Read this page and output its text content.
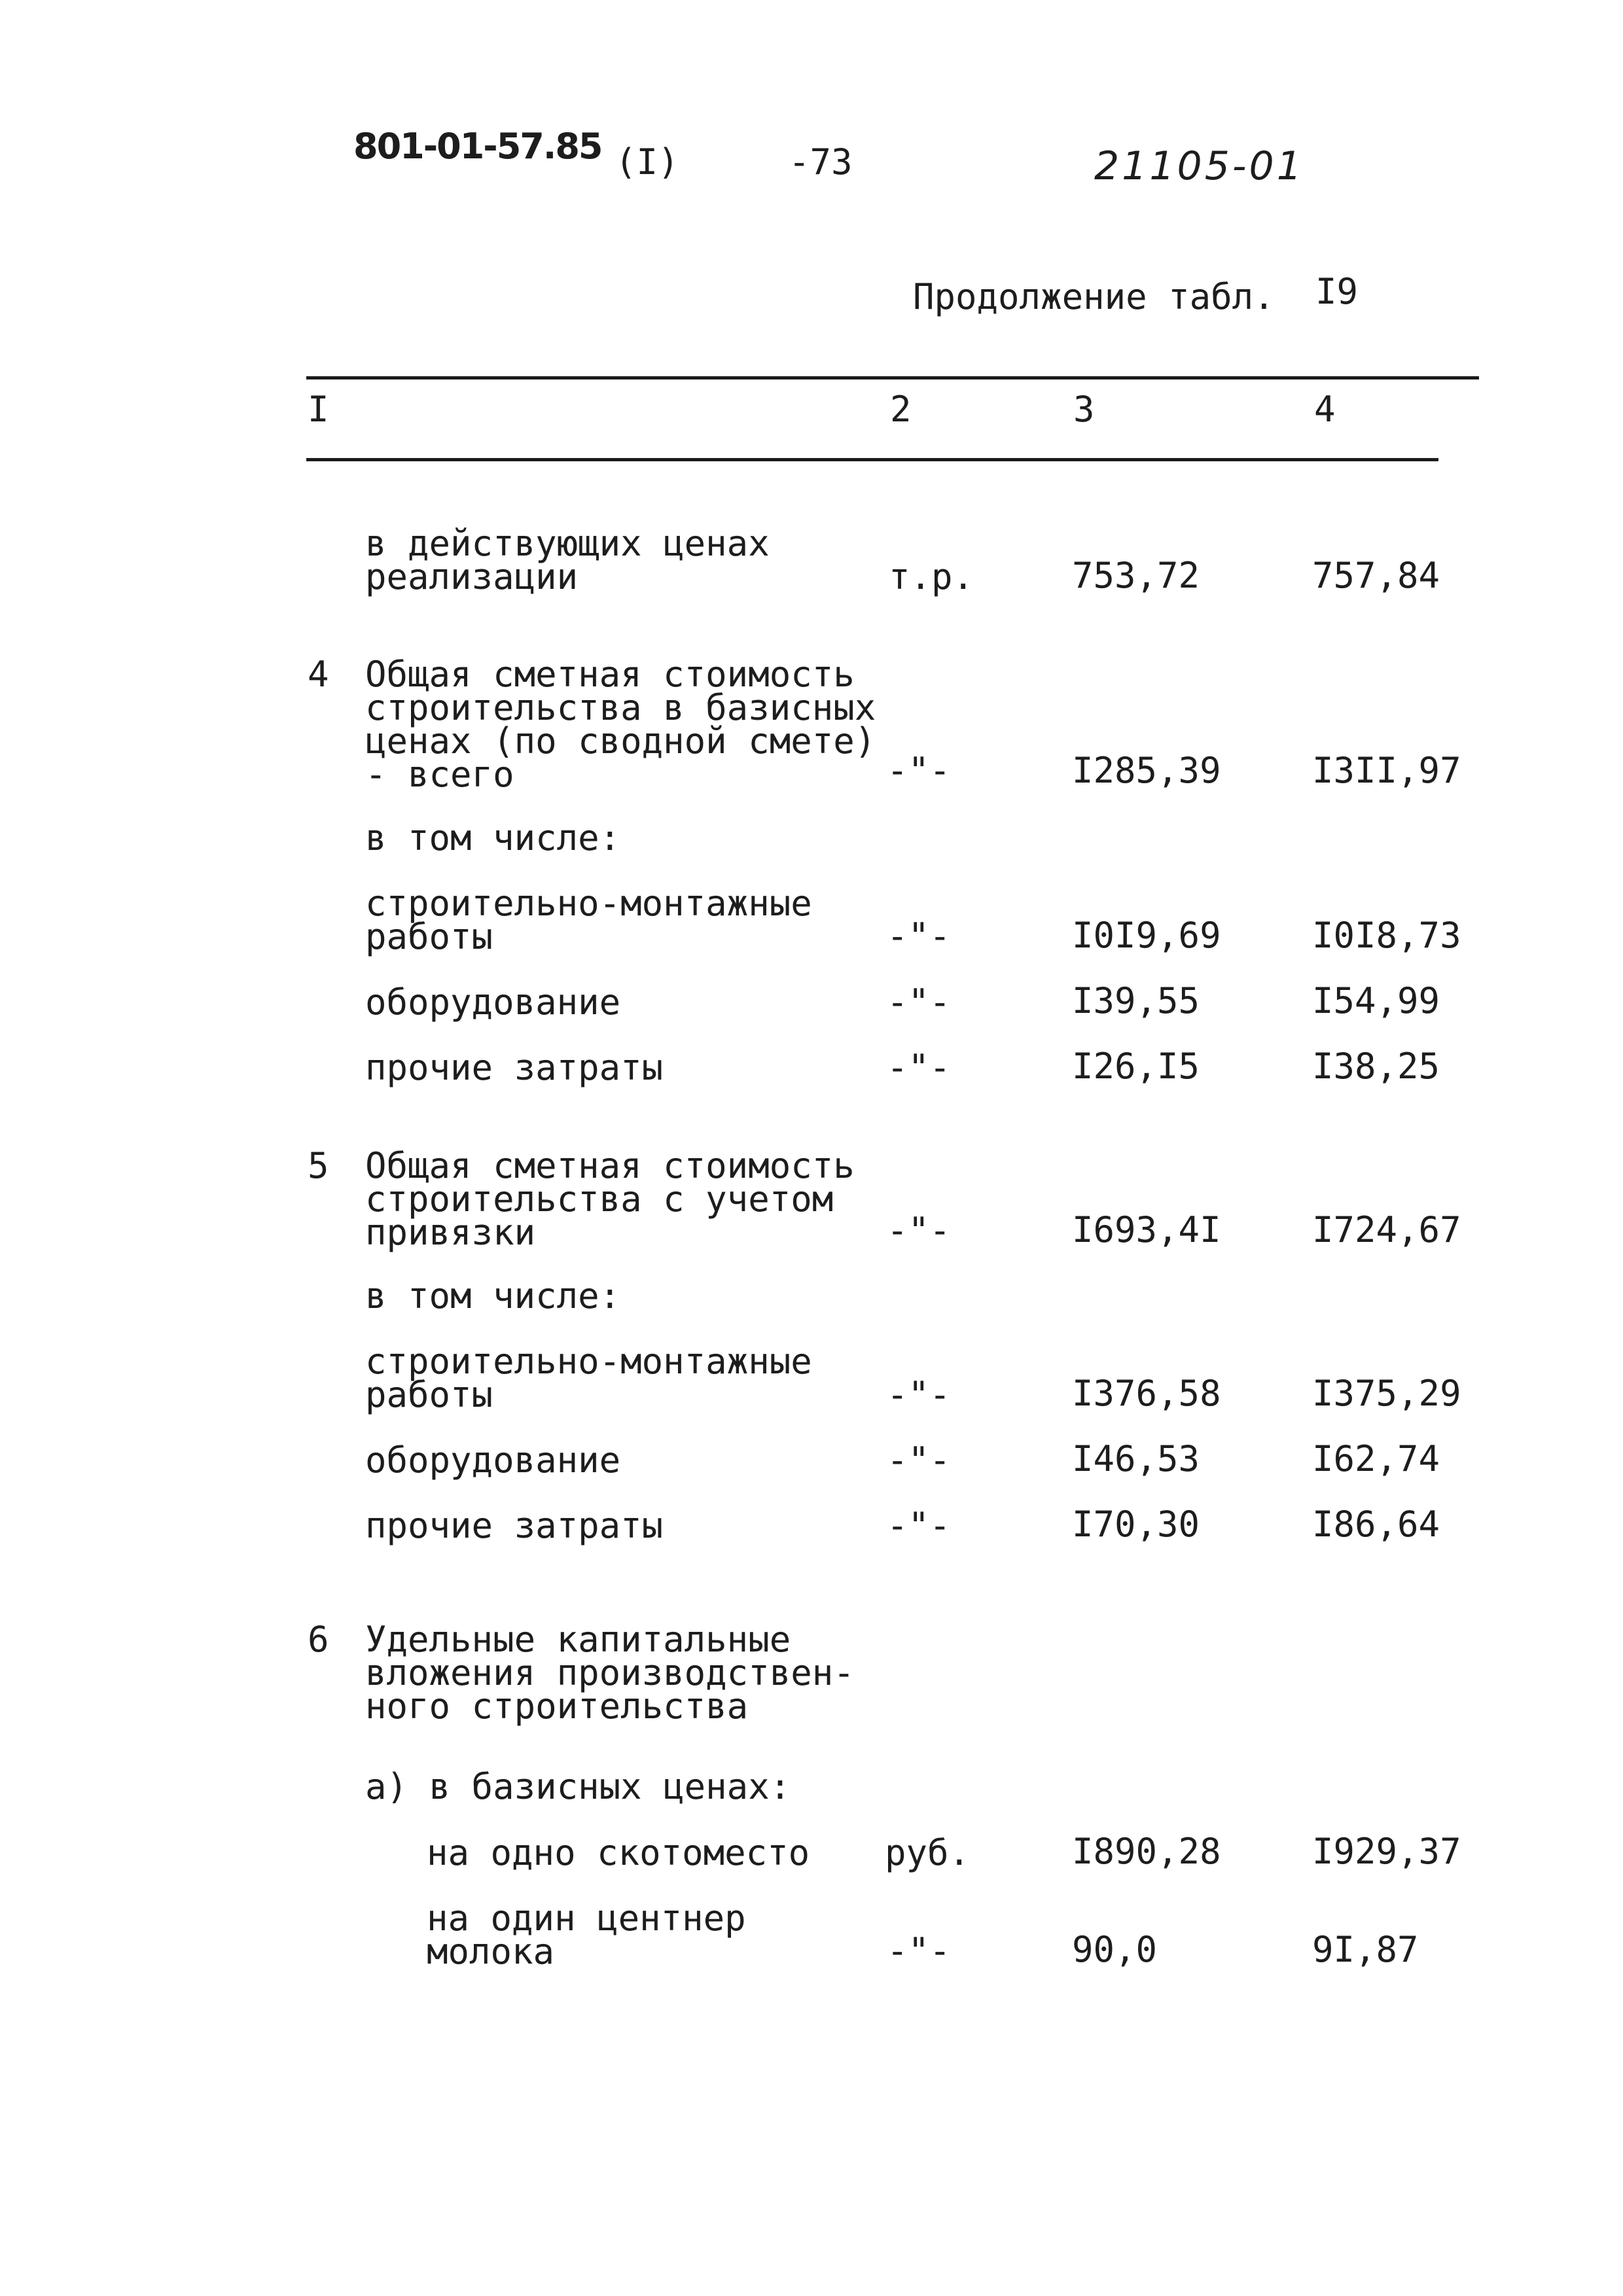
801-01-57.85 (I)	-73	21105-01
Продолжение табл. I9
I	2	3	4
в действующих ценах
реализации	т.р.	753,72	757,84
4 Общая сметная стоимость
строительства в базисных
ценах (по сводной смете)
- всего	-"-	I285,39	I3II,97
в том числе:
строительно-монтажные
работы	-"-	I0I9,69	I0I8,73
оборудование	-"-	I39,55	I54,99
прочие затраты	-"-	I26,I5	I38,25
5 Общая сметная стоимость
строительства с учетом
привязки	-"-	I693,4I	I724,67
в том числе:
строительно-монтажные
работы	-"-	I376,58	I375,29
оборудование	-"-	I46,53	I62,74
прочие затраты	-"-	I70,30	I86,64
6 Удельные капитальные
вложения производствен-
ного строительства
а) в базисных ценах:
на одно скотоместо руб.	I890,28	I929,37
на один центнер
молока	-"-	90,0	9I,87
